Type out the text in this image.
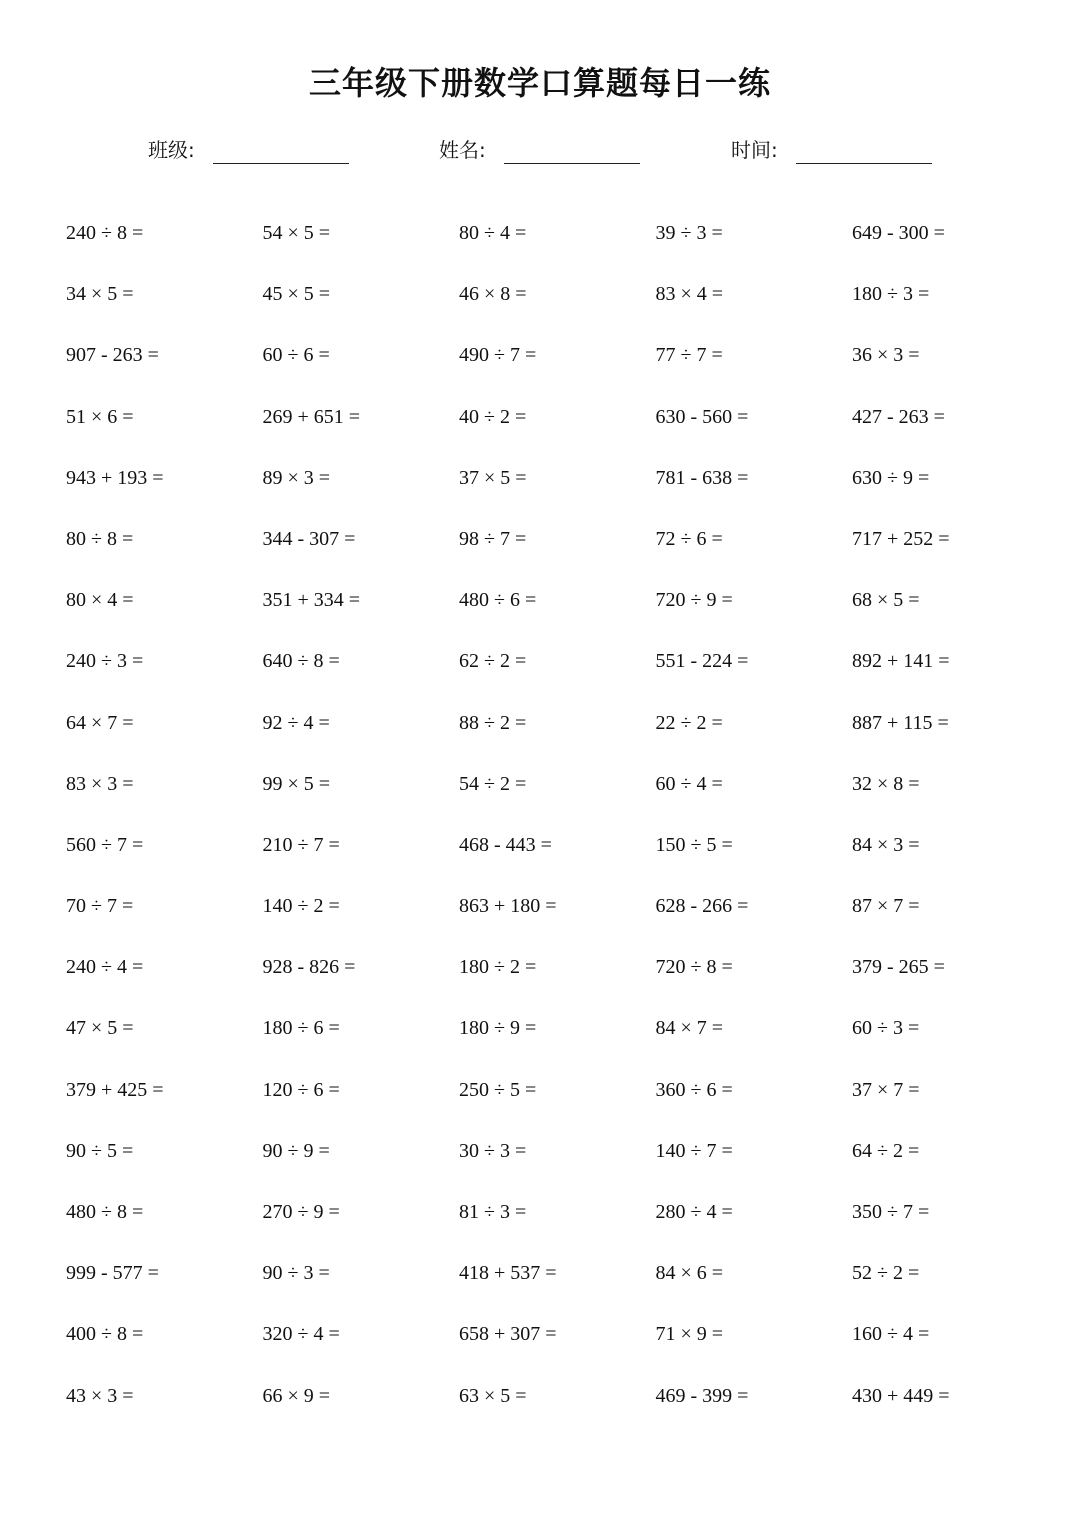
三年级下册数学口算题每日一练
班级:	姓名:	时间:
240 ÷ 8 =	54 × 5 =	80 ÷ 4 =	39 ÷ 3 =	649 - 300 =
34 × 5 =	45 × 5 =	46 × 8 =	83 × 4 =	180 ÷ 3 =
907 - 263 =	60 ÷ 6 =	490 ÷ 7 =	77 ÷ 7 =	36 × 3 =
51 × 6 =	269 + 651 =	40 ÷ 2 =	630 - 560 =	427 - 263 =
943 + 193 =	89 × 3 =	37 × 5 =	781 - 638 =	630 ÷ 9 =
80 ÷ 8 =	344 - 307 =	98 ÷ 7 =	72 ÷ 6 =	717 + 252 =
80 × 4 =	351 + 334 =	480 ÷ 6 =	720 ÷ 9 =	68 × 5 =
240 ÷ 3 =	640 ÷ 8 =	62 ÷ 2 =	551 - 224 =	892 + 141 =
64 × 7 =	92 ÷ 4 =	88 ÷ 2 =	22 ÷ 2 =	887 + 115 =
83 × 3 =	99 × 5 =	54 ÷ 2 =	60 ÷ 4 =	32 × 8 =
560 ÷ 7 =	210 ÷ 7 =	468 - 443 =	150 ÷ 5 =	84 × 3 =
70 ÷ 7 =	140 ÷ 2 =	863 + 180 =	628 - 266 =	87 × 7 =
240 ÷ 4 =	928 - 826 =	180 ÷ 2 =	720 ÷ 8 =	379 - 265 =
47 × 5 =	180 ÷ 6 =	180 ÷ 9 =	84 × 7 =	60 ÷ 3 =
379 + 425 =	120 ÷ 6 =	250 ÷ 5 =	360 ÷ 6 =	37 × 7 =
90 ÷ 5 =	90 ÷ 9 =	30 ÷ 3 =	140 ÷ 7 =	64 ÷ 2 =
480 ÷ 8 =	270 ÷ 9 =	81 ÷ 3 =	280 ÷ 4 =	350 ÷ 7 =
999 - 577 =	90 ÷ 3 =	418 + 537 =	84 × 6 =	52 ÷ 2 =
400 ÷ 8 =	320 ÷ 4 =	658 + 307 =	71 × 9 =	160 ÷ 4 =
43 × 3 =	66 × 9 =	63 × 5 =	469 - 399 =	430 + 449 =
